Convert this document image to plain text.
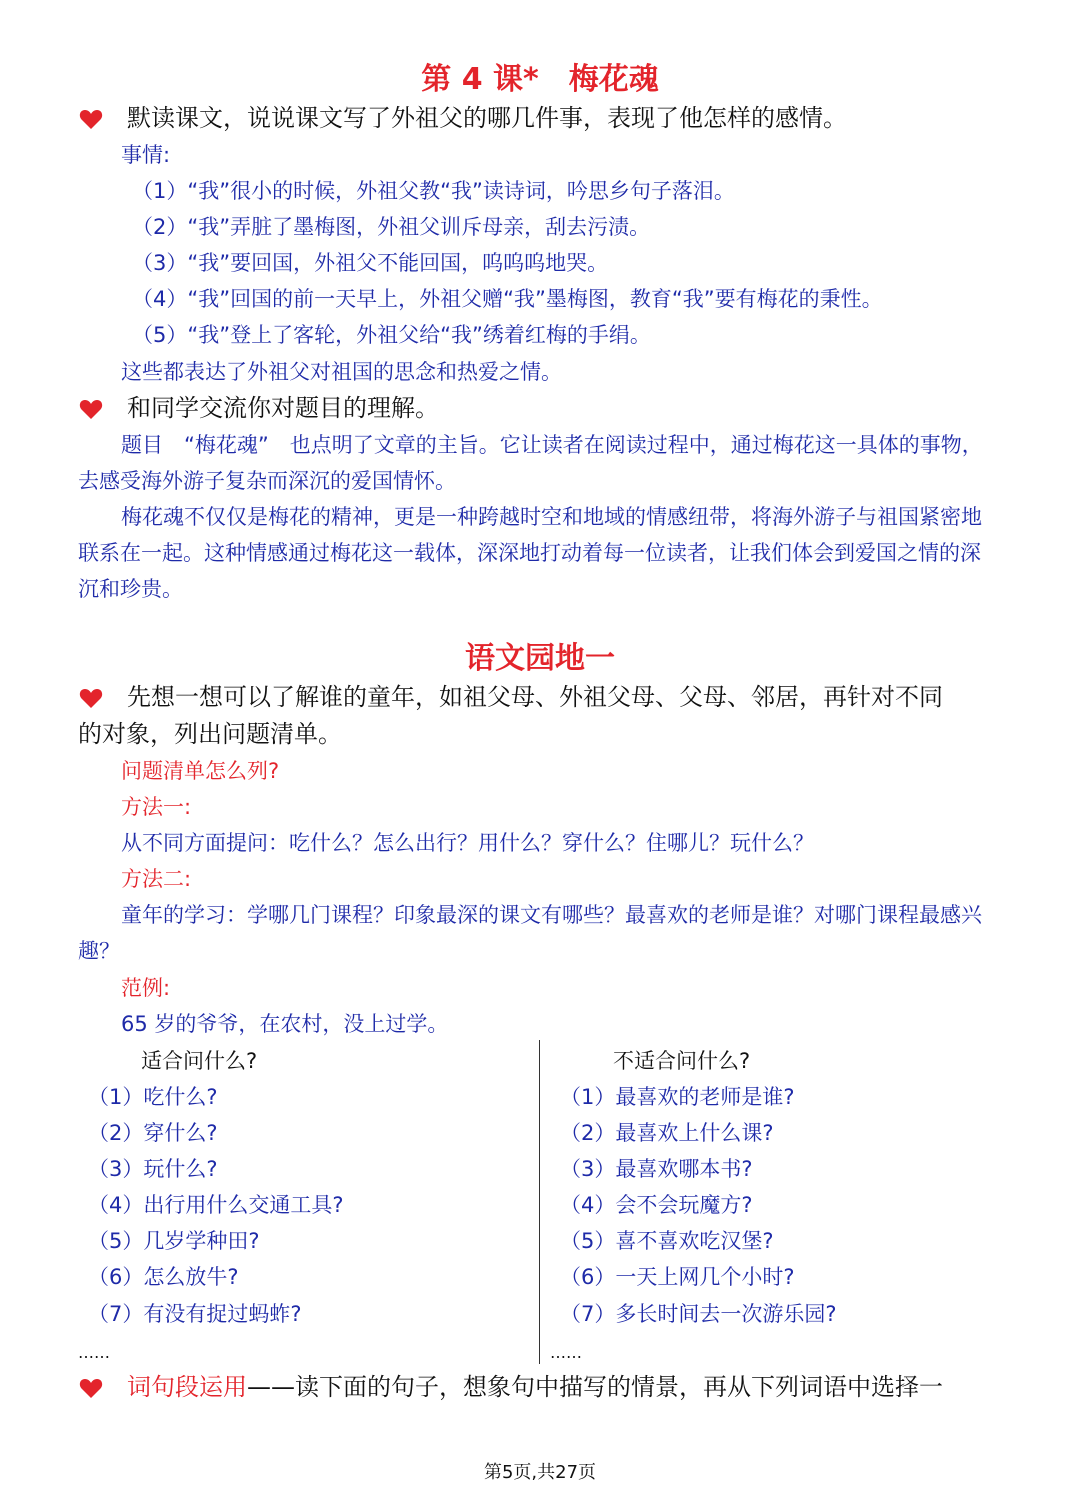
第 4 课*　梅花魂
默读课文，说说课文写了外祖父的哪几件事，表现了他怎样的感情。
事情:
（1）“我”很小的时候，外祖父教“我”读诗词，吟思乡句子落泪。
（2）“我”弄脏了墨梅图，外祖父训斥母亲，刮去污渍。
（3）“我”要回国，外祖父不能回国，呜呜呜地哭。
（4）“我”回国的前一天早上，外祖父赠“我”墨梅图，教育“我”要有梅花的秉性。
（5）“我”登上了客轮，外祖父给“我”绣着红梅的手绢。
这些都表达了外祖父对祖国的思念和热爱之情。
和同学交流你对题目的理解。
题目　“梅花魂”　也点明了文章的主旨。它让读者在阅读过程中，通过梅花这一具体的事物，
去感受海外游子复杂而深沉的爱国情怀。
梅花魂不仅仅是梅花的精神，更是一种跨越时空和地域的情感纽带，将海外游子与祖国紧密地
联系在一起。这种情感通过梅花这一载体，深深地打动着每一位读者，让我们体会到爱国之情的深
沉和珍贵。
语文园地一
先想一想可以了解谁的童年，如祖父母、外祖父母、父母、邻居，再针对不同
的对象，列出问题清单。
问题清单怎么列?
方法一:
从不同方面提问：吃什么？怎么出行？用什么？穿什么？住哪儿？玩什么？
方法二:
童年的学习：学哪几门课程？印象最深的课文有哪些？最喜欢的老师是谁？对哪门课程最感兴
趣？
范例:
65 岁的爷爷，在农村，没上过学。
适合问什么?	不适合问什么?
（1）吃什么?
（2）穿什么?
（3）玩什么?
（4）出行用什么交通工具?
（5）几岁学种田?
（6）怎么放牛?
（7）有没有捉过蚂蚱?
（1）最喜欢的老师是谁?
（2）最喜欢上什么课?
（3）最喜欢哪本书?
（4）会不会玩魔方?
（5）喜不喜欢吃汉堡?
（6）一天上网几个小时?
（7）多长时间去一次游乐园?
……	……
词句段运用——读下面的句子，想象句中描写的情景，再从下列词语中选择一
第5页,共27页
